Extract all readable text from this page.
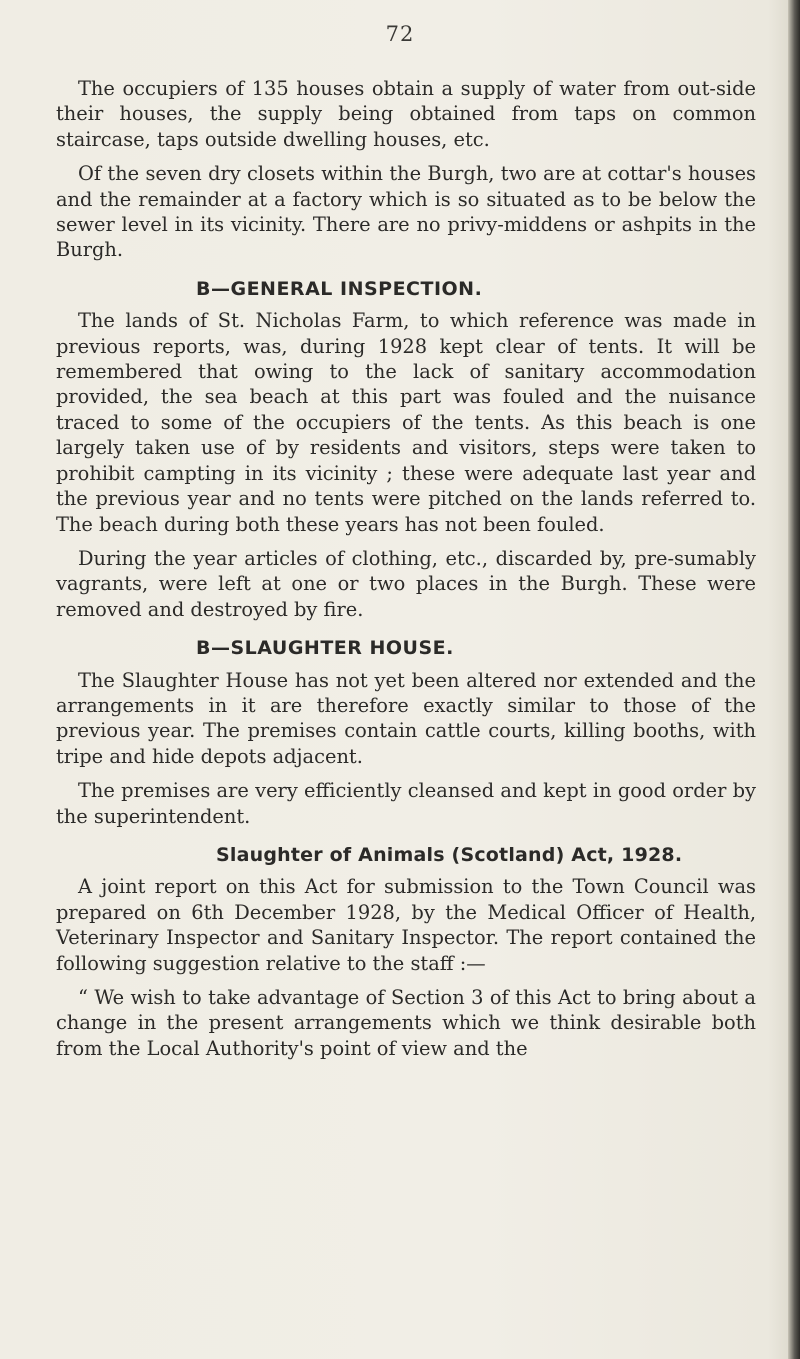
72

The occupiers of 135 houses obtain a supply of water from out-side their houses, the supply being obtained from taps on common staircase, taps outside dwelling houses, etc.

Of the seven dry closets within the Burgh, two are at cottar's houses and the remainder at a factory which is so situated as to be below the sewer level in its vicinity. There are no privy-middens or ashpits in the Burgh.

B—GENERAL INSPECTION.

The lands of St. Nicholas Farm, to which reference was made in previous reports, was, during 1928 kept clear of tents. It will be remembered that owing to the lack of sanitary accommodation provided, the sea beach at this part was fouled and the nuisance traced to some of the occupiers of the tents. As this beach is one largely taken use of by residents and visitors, steps were taken to prohibit campting in its vicinity ; these were adequate last year and the previous year and no tents were pitched on the lands referred to. The beach during both these years has not been fouled.

During the year articles of clothing, etc., discarded by, pre-sumably vagrants, were left at one or two places in the Burgh. These were removed and destroyed by fire.

B—SLAUGHTER HOUSE.

The Slaughter House has not yet been altered nor extended and the arrangements in it are therefore exactly similar to those of the previous year. The premises contain cattle courts, killing booths, with tripe and hide depots adjacent.

The premises are very efficiently cleansed and kept in good order by the superintendent.

Slaughter of Animals (Scotland) Act, 1928.

A joint report on this Act for submission to the Town Council was prepared on 6th December 1928, by the Medical Officer of Health, Veterinary Inspector and Sanitary Inspector. The report contained the following suggestion relative to the staff :—

“ We wish to take advantage of Section 3 of this Act to bring about a change in the present arrangements which we think desirable both from the Local Authority's point of view and the
